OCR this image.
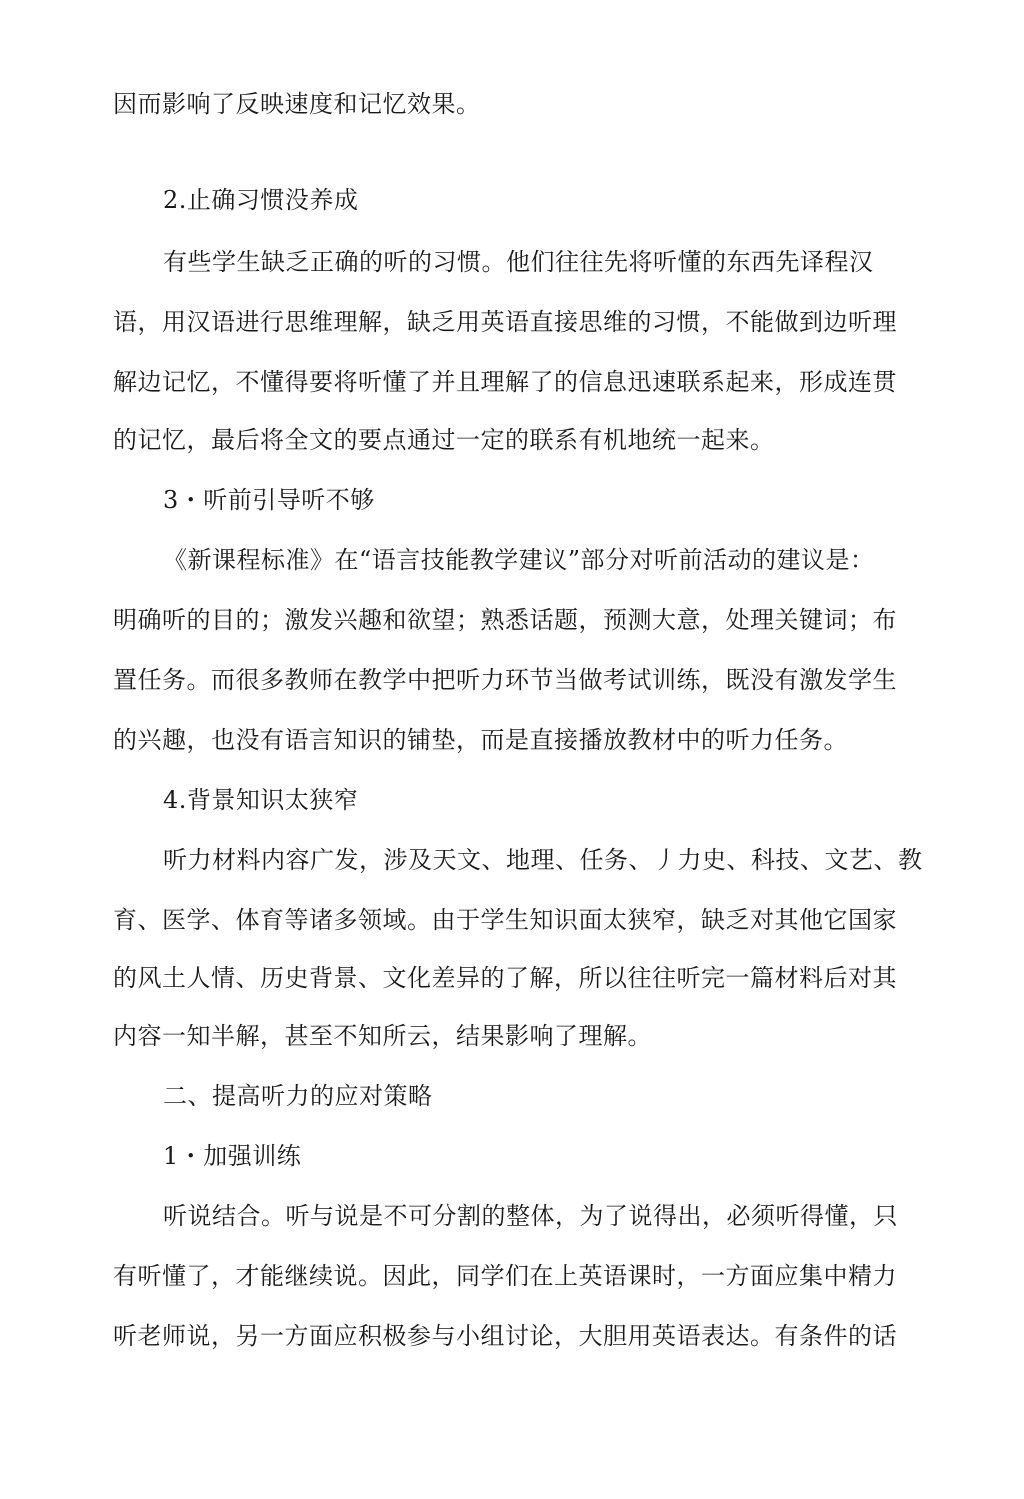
因而影响了反映速度和记忆效果。

2.止确习惯没养成

有些学生缺乏正确的听的习惯。他们往往先将听懂的东西先译程汉

语，用汉语进行思维理解，缺乏用英语直接思维的习惯，不能做到边听理

解边记忆，不懂得要将听懂了并且理解了的信息迅速联系起来，形成连贯

的记忆，最后将全文的要点通过一定的联系有机地统一起来。

3・听前引导听不够

《新课程标准》在“语言技能教学建议”部分对听前活动的建议是：

明确听的目的；激发兴趣和欲望；熟悉话题，预测大意，处理关键词；布

置任务。而很多教师在教学中把听力环节当做考试训练，既没有激发学生

的兴趣，也没有语言知识的铺垫，而是直接播放教材中的听力任务。

4.背景知识太狭窄

听力材料内容广发，涉及天文、地理、任务、丿力史、科技、文艺、教

育、医学、体育等诸多领域。由于学生知识面太狭窄，缺乏对其他它国家

的风土人情、历史背景、文化差异的了解，所以往往听完一篇材料后对其

内容一知半解，甚至不知所云，结果影响了理解。

二、提高听力的应对策略

1・加强训练

听说结合。听与说是不可分割的整体，为了说得出，必须听得懂，只

有听懂了，才能继续说。因此，同学们在上英语课时，一方面应集中精力

听老师说，另一方面应积极参与小组讨论，大胆用英语表达。有条件的话
